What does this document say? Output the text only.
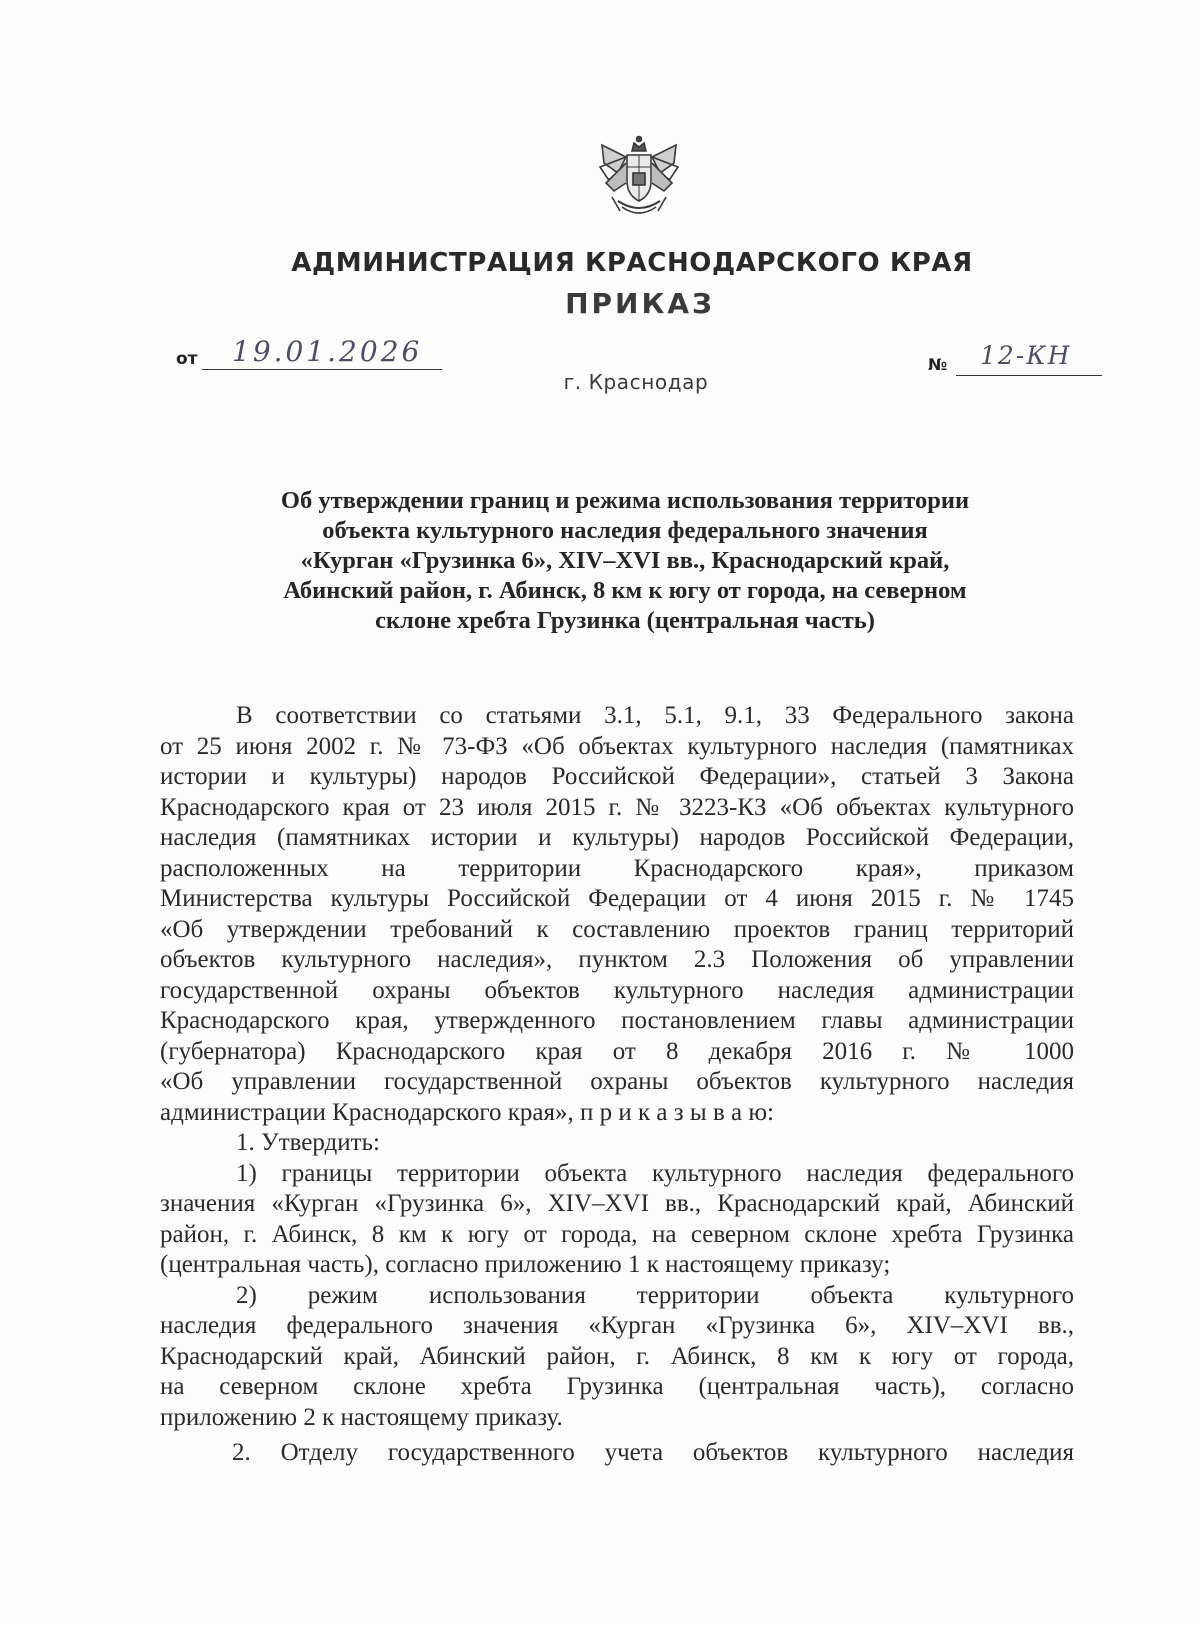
АДМИНИСТРАЦИЯ КРАСНОДАРСКОГО КРАЯ
ПРИКАЗ
от 19.01.2026	№ 12-КН
г. Краснодар
Об утверждении границ и режима использования территории
объекта культурного наследия федерального значения
«Курган «Грузинка 6», XIV–XVI вв., Краснодарский край,
Абинский район, г. Абинск, 8 км к югу от города, на северном
склоне хребта Грузинка (центральная часть)
В соответствии со статьями 3.1, 5.1, 9.1, 33 Федерального закона
от 25 июня 2002 г. № 73-ФЗ «Об объектах культурного наследия (памятниках
истории и культуры) народов Российской Федерации», статьей 3 Закона
Краснодарского края от 23 июля 2015 г. № 3223-КЗ «Об объектах культурного
наследия (памятниках истории и культуры) народов Российской Федерации,
расположенных на территории Краснодарского края», приказом
Министерства культуры Российской Федерации от 4 июня 2015 г. № 1745
«Об утверждении требований к составлению проектов границ территорий
объектов культурного наследия», пунктом 2.3 Положения об управлении
государственной охраны объектов культурного наследия администрации
Краснодарского края, утвержденного постановлением главы администрации
(губернатора) Краснодарского края от 8 декабря 2016 г. № 1000
«Об управлении государственной охраны объектов культурного наследия
администрации Краснодарского края», п р и к а з ы в а ю:
1. Утвердить:
1) границы территории объекта культурного наследия федерального
значения «Курган «Грузинка 6», XIV–XVI вв., Краснодарский край, Абинский
район, г. Абинск, 8 км к югу от города, на северном склоне хребта Грузинка
(центральная часть), согласно приложению 1 к настоящему приказу;
2) режим использования территории объекта культурного
наследия федерального значения «Курган «Грузинка 6», XIV–XVI вв.,
Краснодарский край, Абинский район, г. Абинск, 8 км к югу от города,
на северном склоне хребта Грузинка (центральная часть), согласно
приложению 2 к настоящему приказу.
2. Отделу государственного учета объектов культурного наследия
